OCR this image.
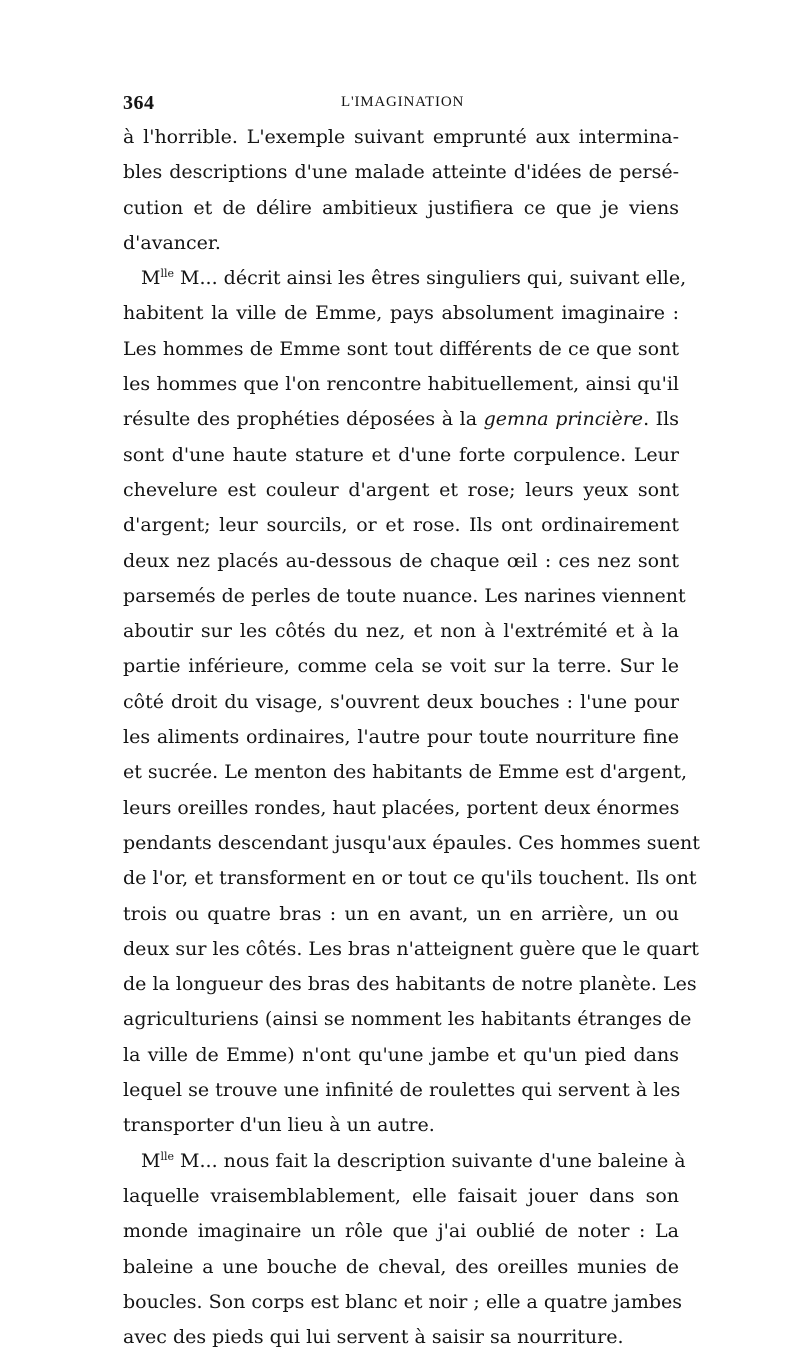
364	L'IMAGINATION
à l'horrible. L'exemple suivant emprunté aux intermina-
bles descriptions d'une malade atteinte d'idées de persé-
cution et de délire ambitieux justifiera ce que je viens
d'avancer.
$M^{lle}$ M... décrit ainsi les êtres singuliers qui, suivant elle,
habitent la ville de Emme, pays absolument imaginaire :
Les hommes de Emme sont tout différents de ce que sont
les hommes que l'on rencontre habituellement, ainsi qu'il
résulte des prophéties déposées à la gemna princière. Ils
sont d'une haute stature et d'une forte corpulence. Leur
chevelure est couleur d'argent et rose; leurs yeux sont
d'argent; leur sourcils, or et rose. Ils ont ordinairement
deux nez placés au-dessous de chaque œil : ces nez sont
parsemés de perles de toute nuance. Les narines viennent
aboutir sur les côtés du nez, et non à l'extrémité et à la
partie inférieure, comme cela se voit sur la terre. Sur le
côté droit du visage, s'ouvrent deux bouches : l'une pour
les aliments ordinaires, l'autre pour toute nourriture fine
et sucrée. Le menton des habitants de Emme est d'argent,
leurs oreilles rondes, haut placées, portent deux énormes
pendants descendant jusqu'aux épaules. Ces hommes suent
de l'or, et transforment en or tout ce qu'ils touchent. Ils ont
trois ou quatre bras : un en avant, un en arrière, un ou
deux sur les côtés. Les bras n'atteignent guère que le quart
de la longueur des bras des habitants de notre planète. Les
agriculturiens (ainsi se nomment les habitants étranges de
la ville de Emme) n'ont qu'une jambe et qu'un pied dans
lequel se trouve une infinité de roulettes qui servent à les
transporter d'un lieu à un autre.
$M^{lle}$ M... nous fait la description suivante d'une baleine à
laquelle vraisemblablement, elle faisait jouer dans son
monde imaginaire un rôle que j'ai oublié de noter : La
baleine a une bouche de cheval, des oreilles munies de
boucles. Son corps est blanc et noir ; elle a quatre jambes
avec des pieds qui lui servent à saisir sa nourriture.
